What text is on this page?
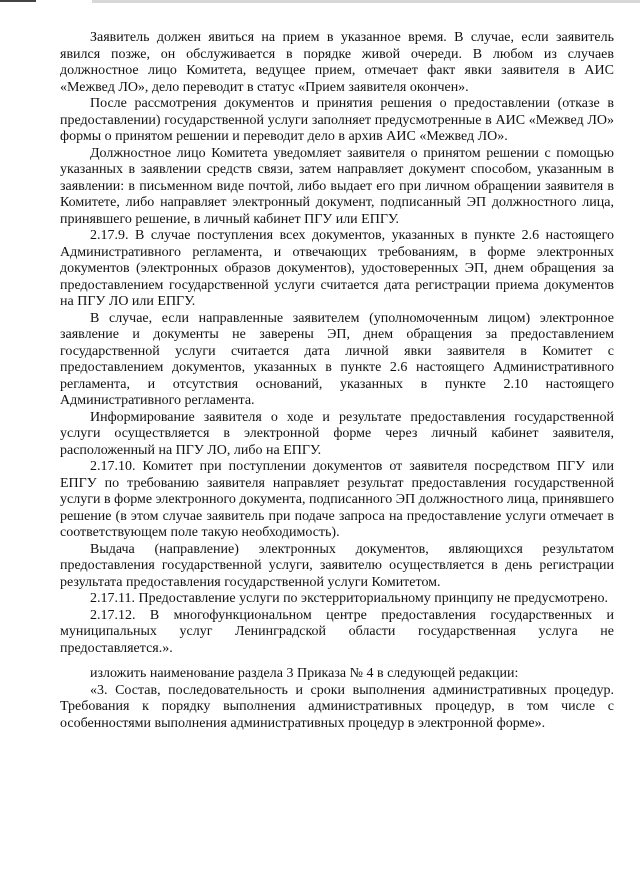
Заявитель должен явиться на прием в указанное время. В случае, если заявитель явился позже, он обслуживается в порядке живой очереди. В любом из случаев должностное лицо Комитета, ведущее прием, отмечает факт явки заявителя в АИС «Межвед ЛО», дело переводит в статус «Прием заявителя окончен».

После рассмотрения документов и принятия решения о предоставлении (отказе в предоставлении) государственной услуги заполняет предусмотренные в АИС «Межвед ЛО» формы о принятом решении и переводит дело в архив АИС «Межвед ЛО».

Должностное лицо Комитета уведомляет заявителя о принятом решении с помощью указанных в заявлении средств связи, затем направляет документ способом, указанным в заявлении: в письменном виде почтой, либо выдает его при личном обращении заявителя в Комитете, либо направляет электронный документ, подписанный ЭП должностного лица, принявшего решение, в личный кабинет ПГУ или ЕПГУ.

2.17.9. В случае поступления всех документов, указанных в пункте 2.6 настоящего Административного регламента, и отвечающих требованиям, в форме электронных документов (электронных образов документов), удостоверенных ЭП, днем обращения за предоставлением государственной услуги считается дата регистрации приема документов на ПГУ ЛО или ЕПГУ.

В случае, если направленные заявителем (уполномоченным лицом) электронное заявление и документы не заверены ЭП, днем обращения за предоставлением государственной услуги считается дата личной явки заявителя в Комитет с предоставлением документов, указанных в пункте 2.6 настоящего Административного регламента, и отсутствия оснований, указанных в пункте 2.10 настоящего Административного регламента.

Информирование заявителя о ходе и результате предоставления государственной услуги осуществляется в электронной форме через личный кабинет заявителя, расположенный на ПГУ ЛО, либо на ЕПГУ.

2.17.10. Комитет при поступлении документов от заявителя посредством ПГУ или ЕПГУ по требованию заявителя направляет результат предоставления государственной услуги в форме электронного документа, подписанного ЭП должностного лица, принявшего решение (в этом случае заявитель при подаче запроса на предоставление услуги отмечает в соответствующем поле такую необходимость).

Выдача (направление) электронных документов, являющихся результатом предоставления государственной услуги, заявителю осуществляется в день регистрации результата предоставления государственной услуги Комитетом.

2.17.11. Предоставление услуги по экстерриториальному принципу не предусмотрено.

2.17.12. В многофункциональном центре предоставления государственных и муниципальных услуг Ленинградской области государственная услуга не предоставляется.».

изложить наименование раздела 3 Приказа № 4 в следующей редакции:

«3. Состав, последовательность и сроки выполнения административных процедур. Требования к порядку выполнения административных процедур, в том числе с особенностями выполнения административных процедур в электронной форме».
